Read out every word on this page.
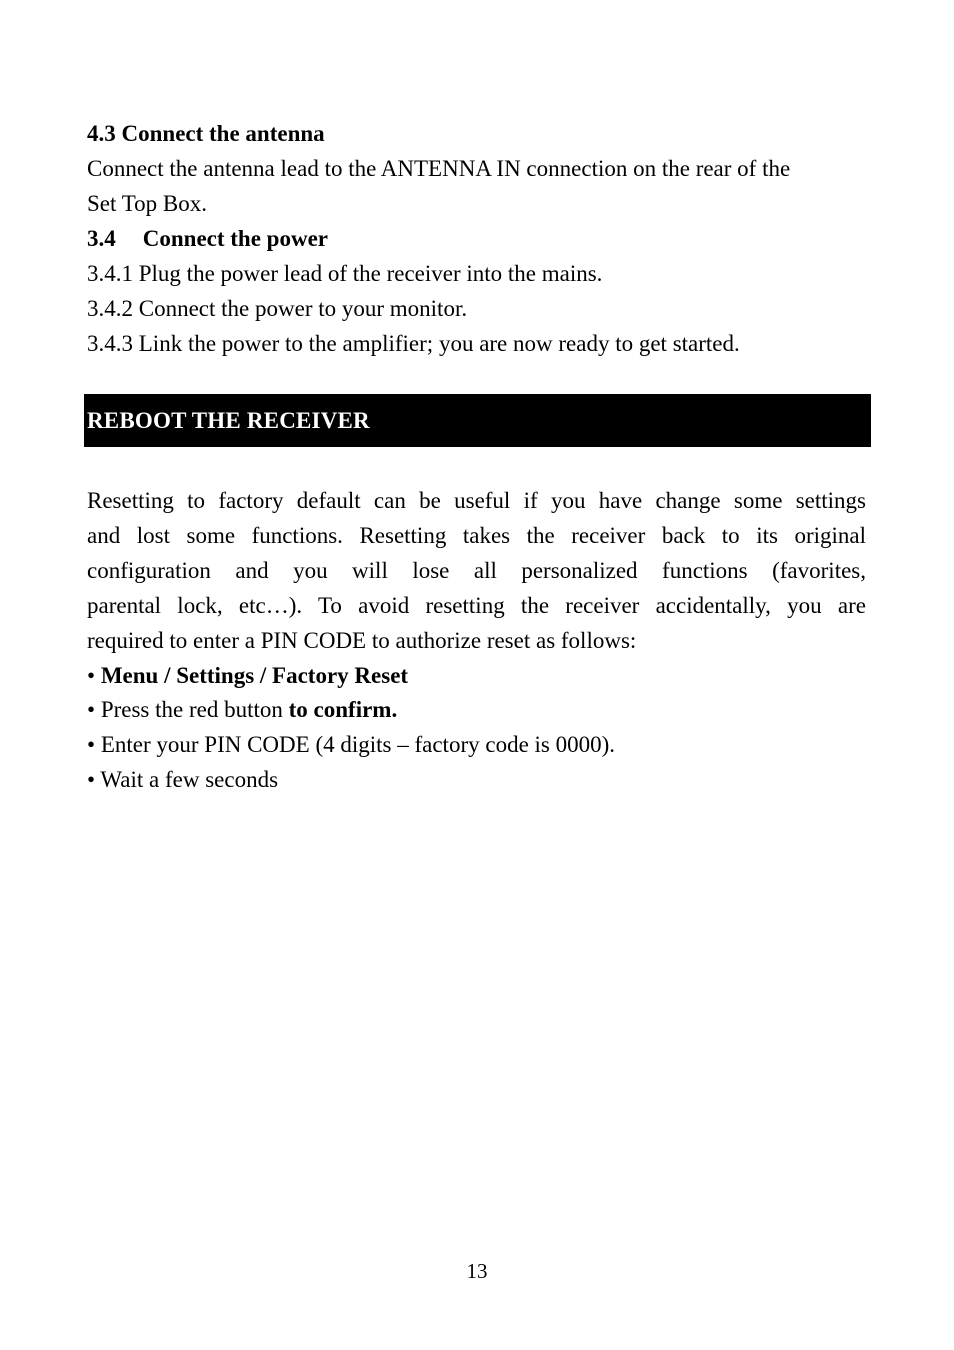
4.3 Connect the antenna
Connect the antenna lead to the ANTENNA IN connection on the rear of the
Set Top Box.
3.4 Connect the power
3.4.1 Plug the power lead of the receiver into the mains.
3.4.2 Connect the power to your monitor.
3.4.3 Link the power to the amplifier; you are now ready to get started.
REBOOT THE RECEIVER
Resetting to factory default can be useful if you have change some settings
and lost some functions. Resetting takes the receiver back to its original
configuration and you will lose all personalized functions (favorites,
parental lock, etc…). To avoid resetting the receiver accidentally, you are
required to enter a PIN CODE to authorize reset as follows:
• Menu / Settings / Factory Reset
• Press the red button to confirm.
• Enter your PIN CODE (4 digits – factory code is 0000).
• Wait a few seconds
13
